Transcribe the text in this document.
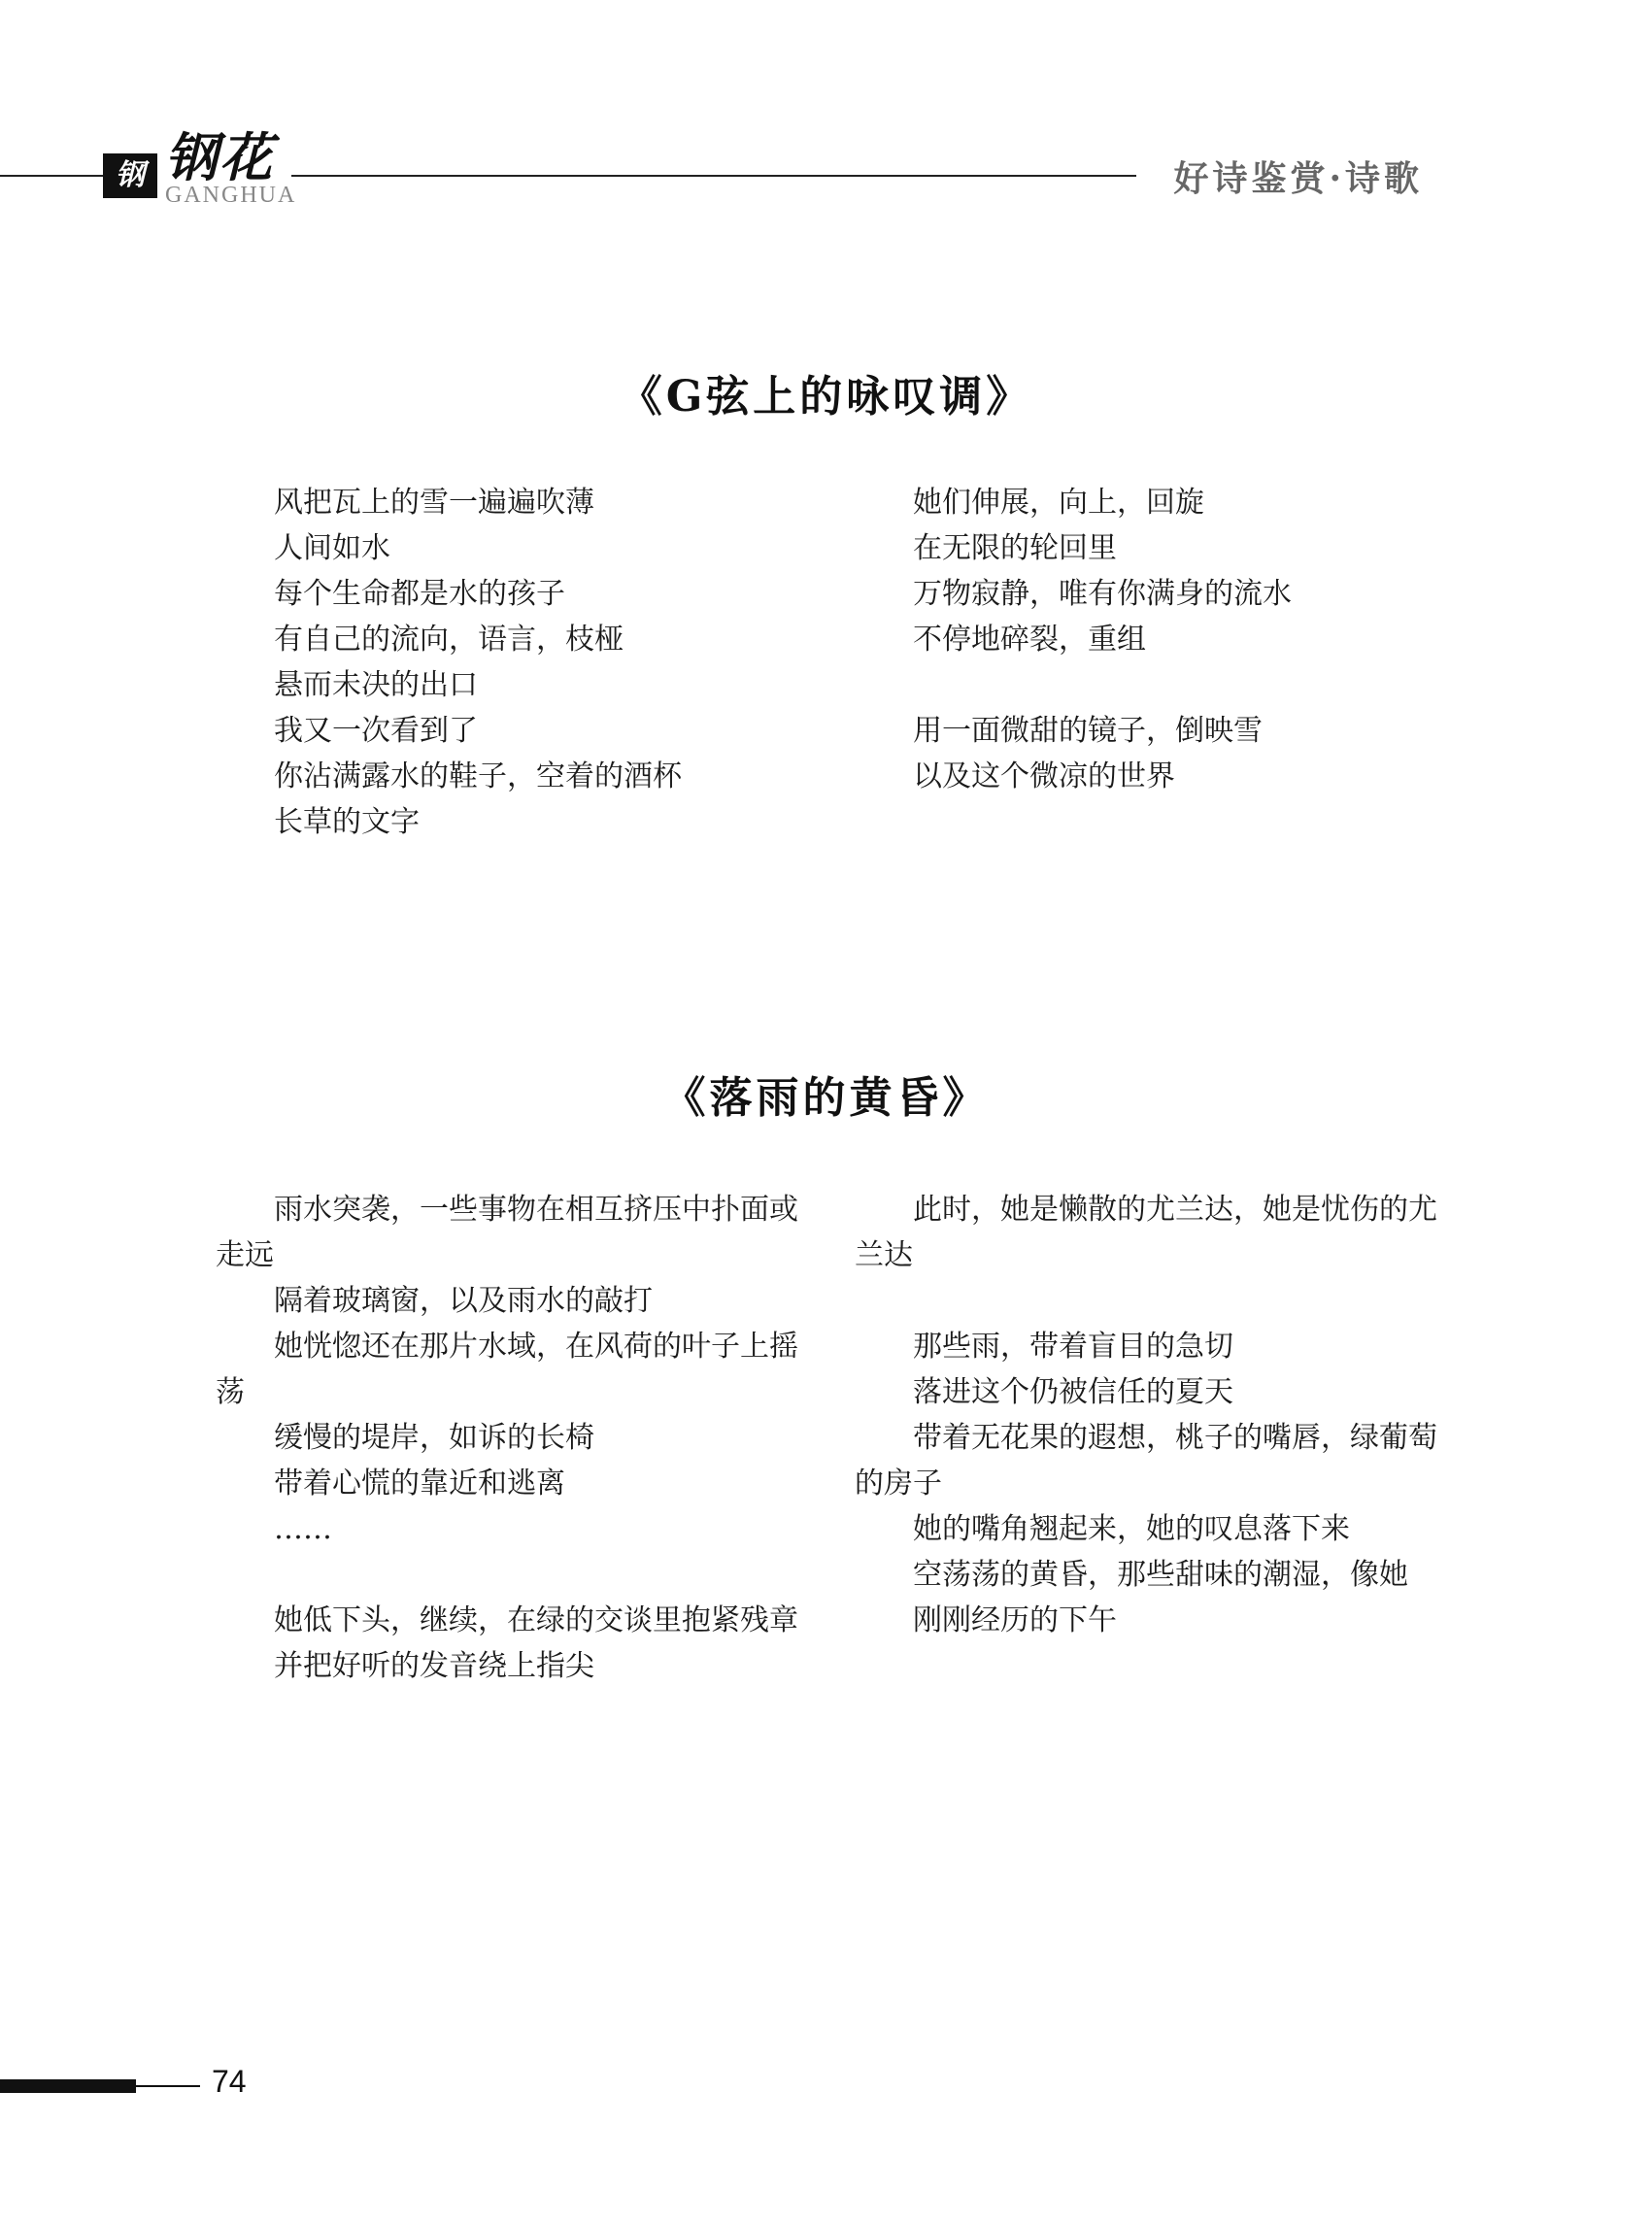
钢花
钢花
GANGHUA	好诗鉴赏·诗歌
《G弦上的咏叹调》

风把瓦上的雪一遍遍吹薄

人间如水

每个生命都是水的孩子

有自己的流向，语言，枝桠

悬而未决的出口

我又一次看到了

你沾满露水的鞋子，空着的酒杯

长草的文字

她们伸展，向上，回旋

在无限的轮回里

万物寂静，唯有你满身的流水

不停地碎裂，重组

用一面微甜的镜子，倒映雪

以及这个微凉的世界

《落雨的黄昏》

雨水突袭，一些事物在相互挤压中扑面或

走远

隔着玻璃窗，以及雨水的敲打

她恍惚还在那片水域，在风荷的叶子上摇

荡

缓慢的堤岸，如诉的长椅

带着心慌的靠近和逃离

……

她低下头，继续，在绿的交谈里抱紧残章

并把好听的发音绕上指尖

此时，她是懒散的尤兰达，她是忧伤的尤

兰达

那些雨，带着盲目的急切

落进这个仍被信任的夏天

带着无花果的遐想，桃子的嘴唇，绿葡萄

的房子

她的嘴角翘起来，她的叹息落下来

空荡荡的黄昏，那些甜味的潮湿，像她

刚刚经历的下午

74
